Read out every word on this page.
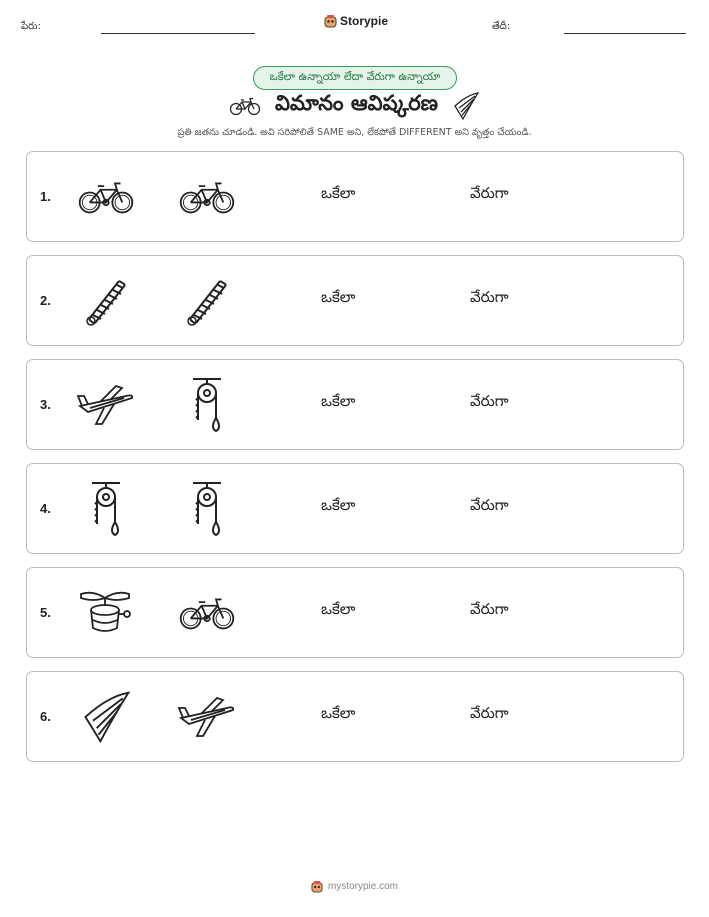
పేరు:	Storypie	తేదీ:
ఒకేలా ఉన్నాయా లేదా వేరుగా ఉన్నాయా
విమానం ఆవిష్కరణ
ప్రతి జతను చూడండి. అవి సరిపోలితే SAME అని, లేకపోతే DIFFERENT అని వృత్తం చేయండి.
1.	ఒకేలా	వేరుగా
2.	ఒకేలా	వేరుగా
3.	ఒకేలా	వేరుగా
4.	ఒకేలా	వేరుగా
5.	ఒకేలా	వేరుగా
6.	ఒకేలా	వేరుగా
mystorypie.com
